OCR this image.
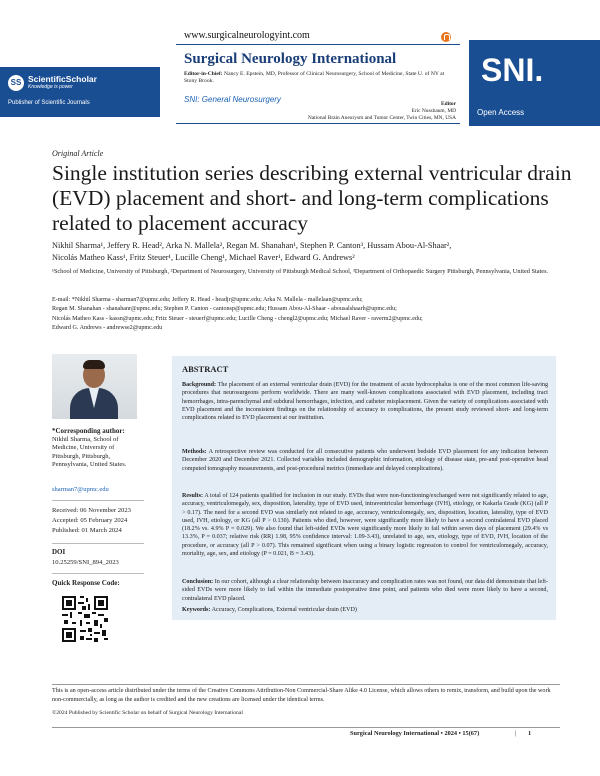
SS ScientificScholar
Knowledge is power
Publisher of Scientific Journals
www.surgicalneurologyint.com
Surgical Neurology International
Editor-in-Chief: Nancy E. Epstein, MD, Professor of Clinical Neurosurgery, School of Medicine, State U. of NY at Stony Brook.
SNI: General Neurosurgery	Editor
Eric Nussbaum, MD
National Brain Aneurysm and Tumor Center, Twin Cities, MN, USA
SNI.
Open Access
Original Article
Single institution series describing external ventricular drain (EVD) placement and short- and long-term complications related to placement accuracy
Nikhil Sharma¹, Jeffery R. Head², Arka N. Mallela², Regan M. Shanahan¹, Stephen P. Canton³, Hussam Abou-Al-Shaar²,
Nicolás Matheo Kass¹, Fritz Steuer¹, Lucille Cheng¹, Michael Raver¹, Edward G. Andrews²
¹School of Medicine, University of Pittsburgh, ²Department of Neurosurgery, University of Pittsburgh Medical School, ³Department of Orthopaedic Surgery Pittsburgh, Pennsylvania, United States.
E-mail: *Nikhil Sharma - sharman7@upmc.edu; Jeffery R. Head - headjr@upmc.edu; Arka N. Mallela - mallelaan@upmc.edu;
Regan M. Shanahan - shanahanr@upmc.edu; Stephen P. Canton - cantonsp@upmc.edu; Hussam Abou-Al-Shaar - abousalshaarh@upmc.edu;
Nicolás Matheo Kass - kassn@upmc.edu; Fritz Steuer - steuerf@upmc.edu; Lucille Cheng - chengl2@upmc.edu; Michael Raver - raverm2@upmc.edu;
Edward G. Andrews - andrewse2@upmc.edu
*Corresponding author:
Nikhil Sharma, School of Medicine, University of Pittsburgh, Pittsburgh, Pennsylvania, United States.
sharman7@upmc.edu
Received: 06 November 2023
Accepted: 05 February 2024
Published: 01 March 2024
DOI
10.25259/SNI_894_2023
Quick Response Code:
ABSTRACT
Background: The placement of an external ventricular drain (EVD) for the treatment of acute hydrocephalus is one of the most common life-saving procedures that neurosurgeons perform worldwide. There are many well-known complications associated with EVD placement, including tract hemorrhages, intra-parenchymal and subdural hemorrhages, infection, and catheter misplacement. Given the variety of complications associated with EVD placement and the inconsistent findings on the relationship of accuracy to complications, the present study reviewed short- and long-term complications related to EVD placement at our institution.
Methods: A retrospective review was conducted for all consecutive patients who underwent bedside EVD placement for any indication between December 2020 and December 2021. Collected variables included demographic information, etiology of disease state, pre-and post-operative head computed tomography measurements, and post-procedural metrics (immediate and delayed complications).
Results: A total of 124 patients qualified for inclusion in our study. EVDs that were non-functioning/exchanged were not significantly related to age, accuracy, ventriculomegaly, sex, disposition, laterality, type of EVD used, intraventricular hemorrhage (IVH), etiology, or Kakarla Grade (KG) (all P > 0.17). The need for a second EVD was similarly not related to age, accuracy, ventriculomegaly, sex, disposition, location, laterality, type of EVD used, IVH, etiology, or KG (all P > 0.130). Patients who died, however, were significantly more likely to have a second contralateral EVD placed (18.2% vs. 4.9% P = 0.029). We also found that left-sided EVDs were significantly more likely to fail within seven days of placement (29.4% vs 13.3%, P = 0.037; relative risk (RR) 1.98, 95% confidence interval: 1.09-3.43), unrelated to age, sex, etiology, type of EVD, IVH, location of the procedure, or accuracy (all P > 0.07). This remained significant when using a binary logistic regression to control for ventriculomegaly, accuracy, mortality, age, sex, and etiology (P = 0.021, B = 3.43).
Conclusion: In our cohort, although a clear relationship between inaccuracy and complication rates was not found, our data did demonstrate that left-sided EVDs were more likely to fail within the immediate postoperative time point, and patients who died were more likely to have a second, contralateral EVD placed.
Keywords: Accuracy, Complications, External ventricular drain (EVD)
This is an open-access article distributed under the terms of the Creative Commons Attribution-Non Commercial-Share Alike 4.0 License, which allows others to remix, transform, and build upon the work non-commercially, as long as the author is credited and the new creations are licensed under the identical terms.
©2024 Published by Scientific Scholar on behalf of Surgical Neurology International
Surgical Neurology International • 2024 • 15(67)	| 1
